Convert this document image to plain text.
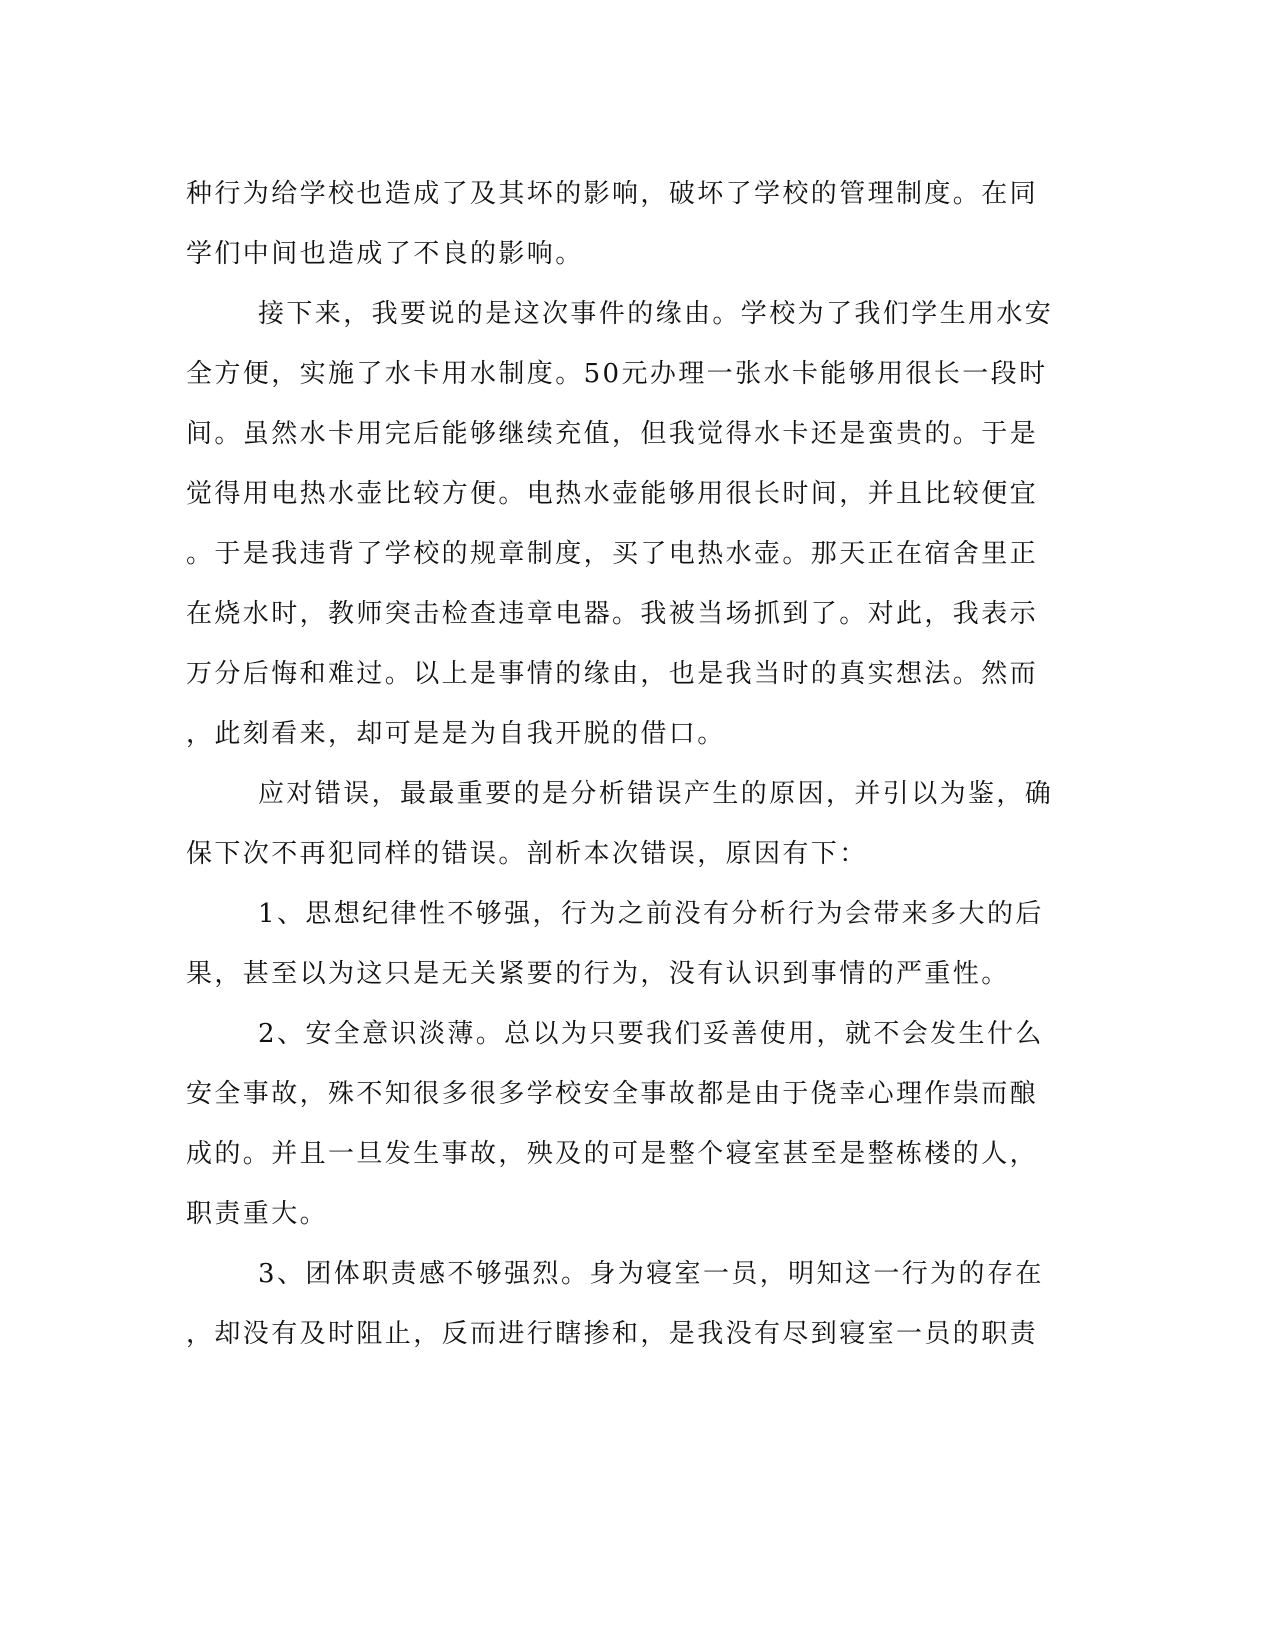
种行为给学校也造成了及其坏的影响，破坏了学校的管理制度。在同
学们中间也造成了不良的影响。
接下来，我要说的是这次事件的缘由。学校为了我们学生用水安
全方便，实施了水卡用水制度。50元办理一张水卡能够用很长一段时
间。虽然水卡用完后能够继续充值，但我觉得水卡还是蛮贵的。于是
觉得用电热水壶比较方便。电热水壶能够用很长时间，并且比较便宜
。于是我违背了学校的规章制度，买了电热水壶。那天正在宿舍里正
在烧水时，教师突击检查违章电器。我被当场抓到了。对此，我表示
万分后悔和难过。以上是事情的缘由，也是我当时的真实想法。然而
，此刻看来，却可是是为自我开脱的借口。
应对错误，最最重要的是分析错误产生的原因，并引以为鉴，确
保下次不再犯同样的错误。剖析本次错误，原因有下：
1、思想纪律性不够强，行为之前没有分析行为会带来多大的后
果，甚至以为这只是无关紧要的行为，没有认识到事情的严重性。
2、安全意识淡薄。总以为只要我们妥善使用，就不会发生什么
安全事故，殊不知很多很多学校安全事故都是由于侥幸心理作祟而酿
成的。并且一旦发生事故，殃及的可是整个寝室甚至是整栋楼的人，
职责重大。
3、团体职责感不够强烈。身为寝室一员，明知这一行为的存在
，却没有及时阻止，反而进行瞎掺和，是我没有尽到寝室一员的职责
